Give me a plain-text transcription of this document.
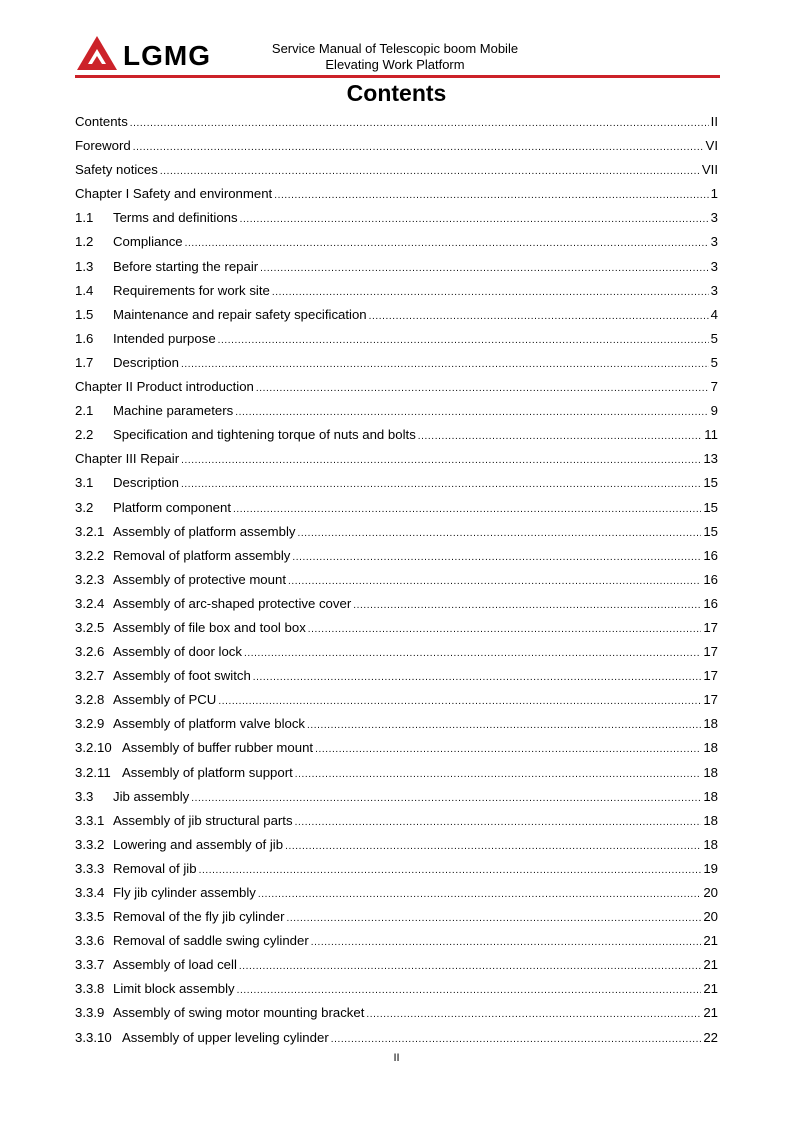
LGMG	Service Manual of Telescopic boom Mobile
Elevating Work Platform
Contents
Contents .....	II
Foreword .....	VI
Safety notices .....	VII
Chapter I Safety and environment .....	1
1.1	Terms and definitions .....	3
1.2	Compliance .....	3
1.3	Before starting the repair .....	3
1.4	Requirements for work site .....	3
1.5	Maintenance and repair safety specification .....	4
1.6	Intended purpose .....	5
1.7	Description .....	5
Chapter II Product introduction .....	7
2.1	Machine parameters .....	9
2.2	Specification and tightening torque of nuts and bolts .....	11
Chapter III Repair .....	13
3.1	Description .....	15
3.2	Platform component .....	15
3.2.1 Assembly of platform assembly .....	15
3.2.2 Removal of platform assembly .....	16
3.2.3 Assembly of protective mount .....	16
3.2.4 Assembly of arc-shaped protective cover .....	16
3.2.5 Assembly of file box and tool box .....	17
3.2.6 Assembly of door lock .....	17
3.2.7 Assembly of foot switch .....	17
3.2.8 Assembly of PCU .....	17
3.2.9 Assembly of platform valve block .....	18
3.2.10 Assembly of buffer rubber mount .....	18
3.2.11 Assembly of platform support .....	18
3.3	Jib assembly .....	18
3.3.1 Assembly of jib structural parts .....	18
3.3.2 Lowering and assembly of jib .....	18
3.3.3 Removal of jib .....	19
3.3.4 Fly jib cylinder assembly .....	20
3.3.5 Removal of the fly jib cylinder .....	20
3.3.6 Removal of saddle swing cylinder .....	21
3.3.7 Assembly of load cell .....	21
3.3.8 Limit block assembly .....	21
3.3.9 Assembly of swing motor mounting bracket .....	21
3.3.10 Assembly of upper leveling cylinder .....	22
II
